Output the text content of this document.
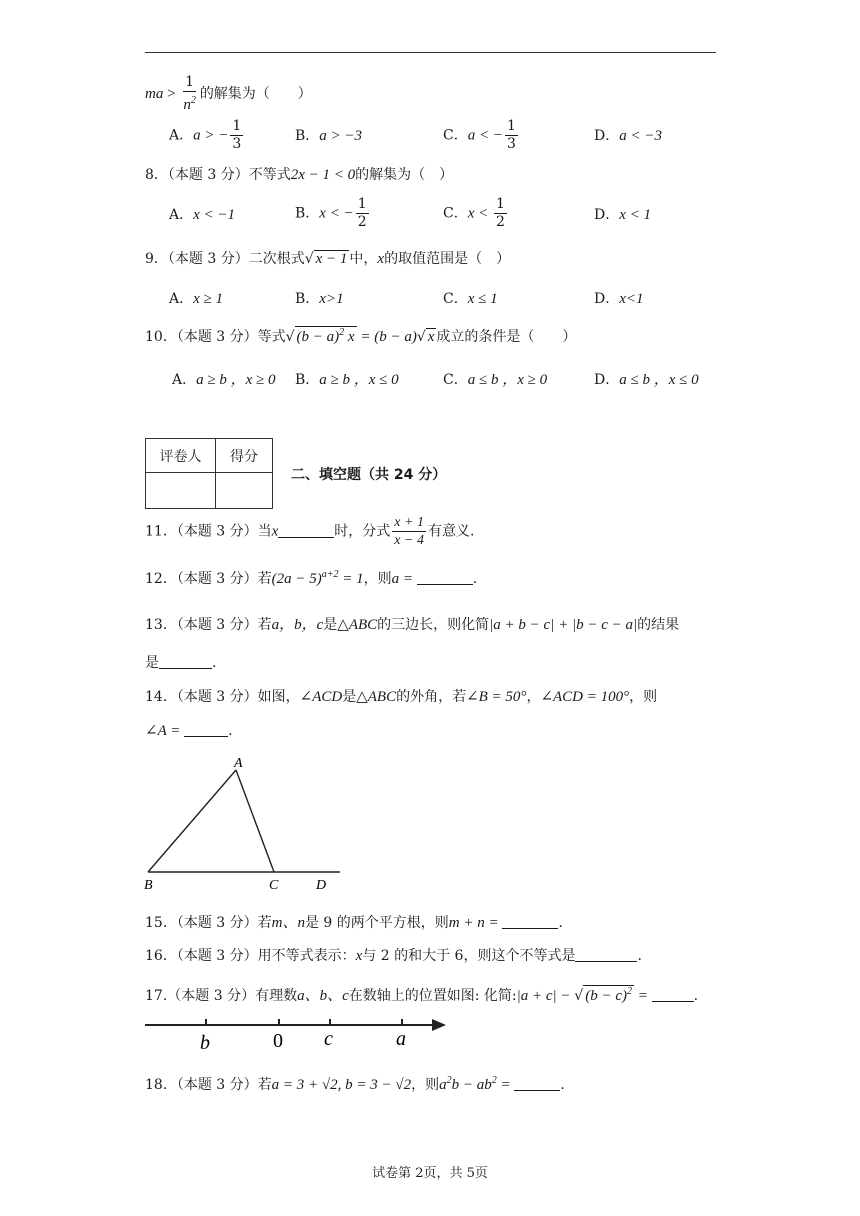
ma > $\frac{1}{n^2}$ 的解集为（　　）
A．a > − $\frac{1}{3}$	B．a > −3	C．a < − $\frac{1}{3}$	D．a < −3
8．（本题 3 分）不等式2x − 1 < 0的解集为（　）
A．x < −1	B．x < − $\frac{1}{2}$	C．$x < \frac{1}{2}$	D．x < 1
9．（本题 3 分）二次根式√ x − 1 中，x的取值范围是（　）
A．x ≥ 1	B．x>1	C．x ≤ 1	D．x<1
10．（本题 3 分）等式√ $(b - a)^2$ x = (b − a)√ x 成立的条件是（　　）
A．a ≥ b ，x ≥ 0 B．a ≥ b ，x ≤ 0	C．a ≤ b ，x ≥ 0	D．a ≤ b ，x ≤ 0
评卷人	得分

二、填空题（共 24 分）
11．（本题 3 分）当x	时，分式 $\frac{x + 1}{x - 4}$ 有意义.
12．（本题 3 分）若$(2a - 5)^{a+2} = 1$，则a =	.
13．（本题 3 分）若a，b，c是△ABC的三边长，则化简|a + b − c| + |b − c − a|的结果
是	.
14．（本题 3 分）如图，∠ACD是△ABC的外角，若∠B = 50°，∠ACD = 100°，则
∠A =	.
A
B	C	D
15．（本题 3 分）若m、n是 9 的两个平方根，则m + n =	.
16．（本题 3 分）用不等式表示：x与 2 的和大于 6，则这个不等式是	.
17.（本题 3 分）有理数a、b、c在数轴上的位置如图: 化简:|a + c| − √ $(b - c)^2$ =	.
b	0 c	a
18．（本题 3 分）若a = 3 + √2, b = 3 − √2，则$a^2b - ab^2$ =	.
试卷第 2页，共 5页
